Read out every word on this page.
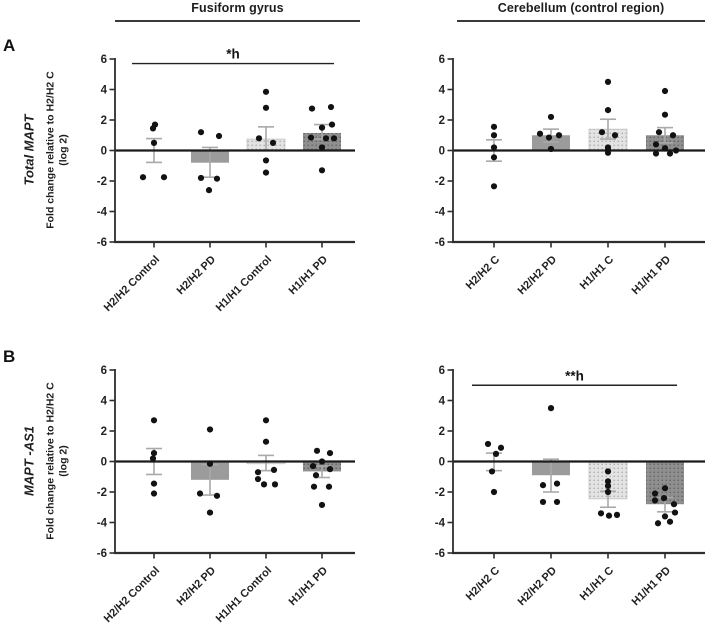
Fusiform gyrus	Cerebellum (control region)
A
Total MAPT Fold change relative to H2/H2 C
(log 2)
-6
-4
-2
0
2
4
6
H2/H2 Control H2/H2 PD
H1/H1 Control H1/H1 PD
*h
-6
-4
-2
0
2
4
6
H2/H2 C H2/H2 PD H1/H1 C H1/H1 PD
B
MAPT -AS1 Fold change relative to H2/H2 C
(log 2)
-6
-4
-2
0
2
4
6
H2/H2 Control H2/H2 PD
H1/H1 Control H1/H1 PD
-6
-4
-2
0
2
4
6
H2/H2 C H2/H2 PD H1/H1 C H1/H1 PD
**h
